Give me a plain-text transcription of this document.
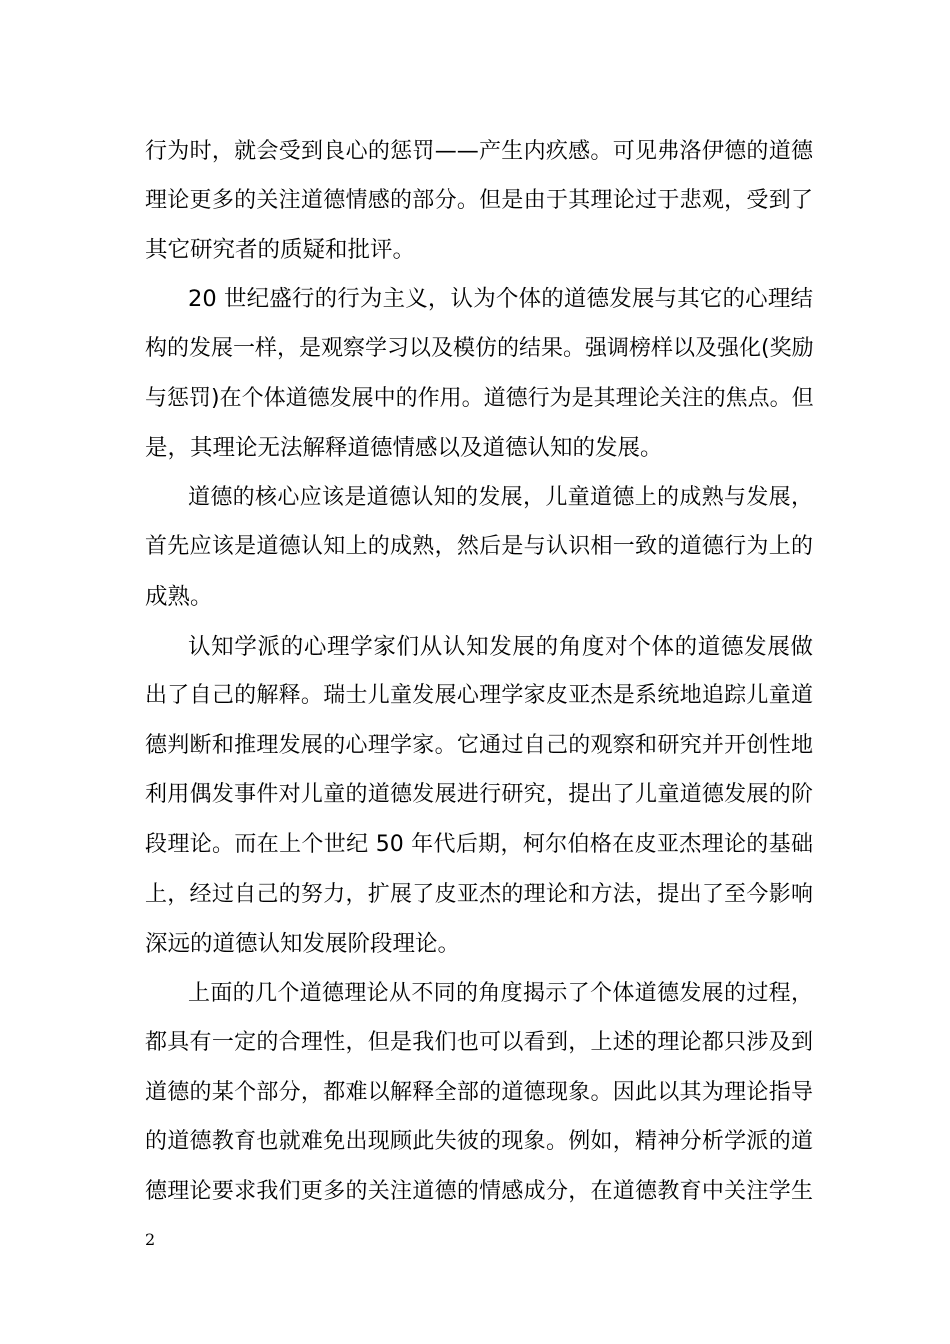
行为时，就会受到良心的惩罚——产生内疚感。可见弗洛伊德的道德
理论更多的关注道德情感的部分。但是由于其理论过于悲观，受到了
其它研究者的质疑和批评。
20 世纪盛行的行为主义，认为个体的道德发展与其它的心理结
构的发展一样，是观察学习以及模仿的结果。强调榜样以及强化(奖励
与惩罚)在个体道德发展中的作用。道德行为是其理论关注的焦点。但
是，其理论无法解释道德情感以及道德认知的发展。
道德的核心应该是道德认知的发展，儿童道德上的成熟与发展，
首先应该是道德认知上的成熟，然后是与认识相一致的道德行为上的
成熟。
认知学派的心理学家们从认知发展的角度对个体的道德发展做
出了自己的解释。瑞士儿童发展心理学家皮亚杰是系统地追踪儿童道
德判断和推理发展的心理学家。它通过自己的观察和研究并开创性地
利用偶发事件对儿童的道德发展进行研究，提出了儿童道德发展的阶
段理论。而在上个世纪 50 年代后期，柯尔伯格在皮亚杰理论的基础
上，经过自己的努力，扩展了皮亚杰的理论和方法，提出了至今影响
深远的道德认知发展阶段理论。
上面的几个道德理论从不同的角度揭示了个体道德发展的过程，
都具有一定的合理性，但是我们也可以看到，上述的理论都只涉及到
道德的某个部分，都难以解释全部的道德现象。因此以其为理论指导
的道德教育也就难免出现顾此失彼的现象。例如，精神分析学派的道
德理论要求我们更多的关注道德的情感成分，在道德教育中关注学生
2
